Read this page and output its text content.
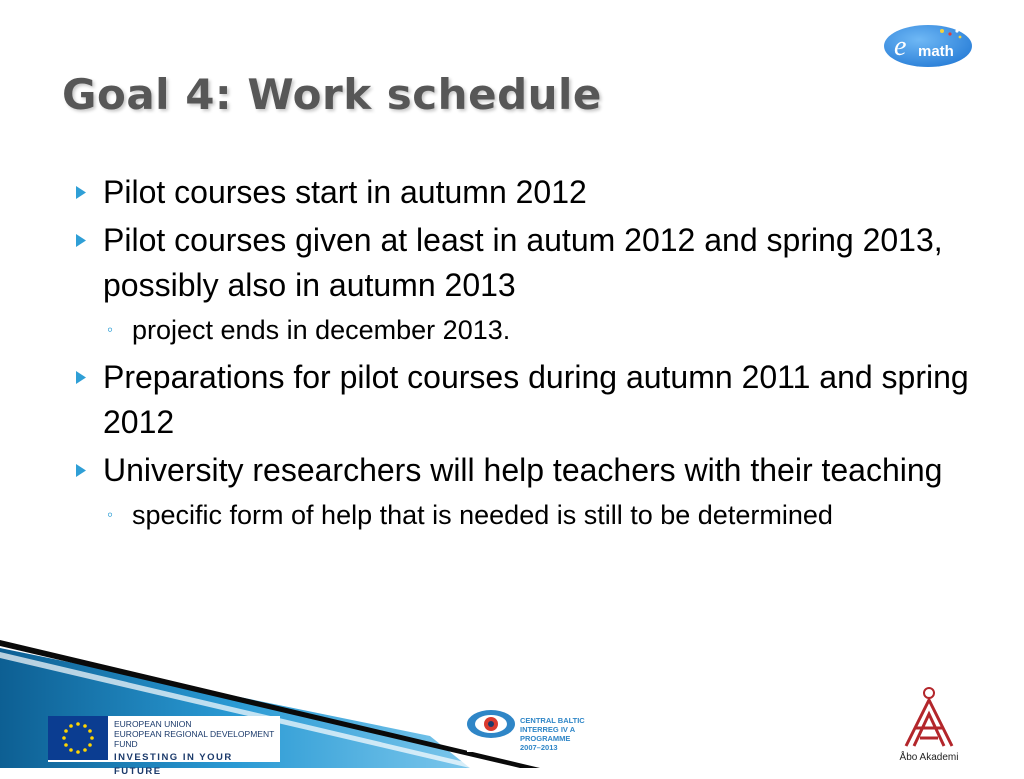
Goal 4: Work schedule
e math
Pilot courses start in autumn 2012
Pilot courses given at least in autum 2012 and spring 2013, possibly also in autumn 2013
◦ project ends in december 2013.
Preparations for pilot courses during autumn 2011 and spring 2012
University researchers will help teachers with their teaching
◦ specific form of help that is needed is still to be determined
EUROPEAN UNION
EUROPEAN REGIONAL DEVELOPMENT FUND
INVESTING IN YOUR FUTURE
CENTRAL BALTIC
INTERREG IV A
PROGRAMME
2007–2013
Åbo Akademi
